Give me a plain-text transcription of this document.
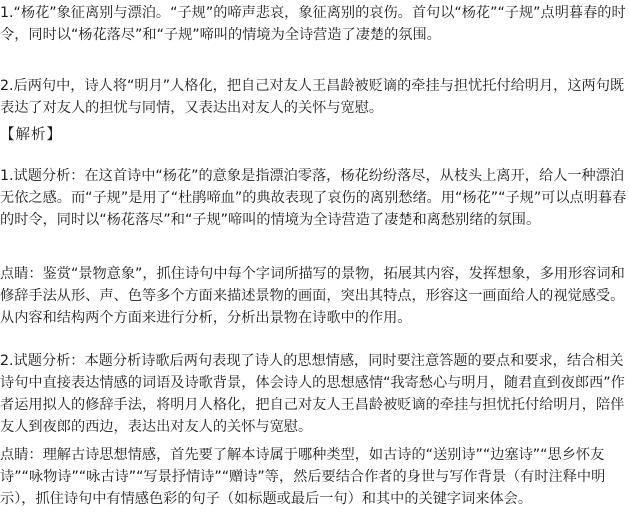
1.“杨花”象征离别与漂泊。“子规”的啼声悲哀，象征离别的哀伤。首句以“杨花”“子规”点明暮春的时令，同时以“杨花落尽”和“子规”啼叫的情境为全诗营造了凄楚的氛围。

2.后两句中，诗人将“明月”人格化，把自己对友人王昌龄被贬谪的牵挂与担忧托付给明月，这两句既表达了对友人的担忧与同情，又表达出对友人的关怀与宽慰。

【解析】

1.试题分析：在这首诗中“杨花”的意象是指漂泊零落，杨花纷纷落尽，从枝头上离开，给人一种漂泊无依之感。而“子规”是用了“杜鹃啼血”的典故表现了哀伤的离别愁绪。用“杨花”“子规”可以点明暮春的时令，同时以“杨花落尽”和“子规”啼叫的情境为全诗营造了凄楚和离愁别绪的氛围。

点睛：鉴赏“景物意象”，抓住诗句中每个字词所描写的景物，拓展其内容，发挥想象，多用形容词和修辞手法从形、声、色等多个方面来描述景物的画面，突出其特点，形容这一画面给人的视觉感受。从内容和结构两个方面来进行分析，分析出景物在诗歌中的作用。

2.试题分析：本题分析诗歌后两句表现了诗人的思想情感，同时要注意答题的要点和要求，结合相关诗句中直接表达情感的词语及诗歌背景，体会诗人的思想感情“我寄愁心与明月，随君直到夜郎西”作者运用拟人的修辞手法，将明月人格化，把自己对友人王昌龄被贬谪的牵挂与担忧托付给明月，陪伴友人到夜郎的西边，表达出对友人的关怀与宽慰。

点睛：理解古诗思想情感，首先要了解本诗属于哪种类型，如古诗的“送别诗”“边塞诗”“思乡怀友诗”“咏物诗”“咏古诗”“写景抒情诗”“赠诗”等，然后要结合作者的身世与写作背景（有时注释中明示），抓住诗句中有情感色彩的句子（如标题或最后一句）和其中的关键字词来体会。
